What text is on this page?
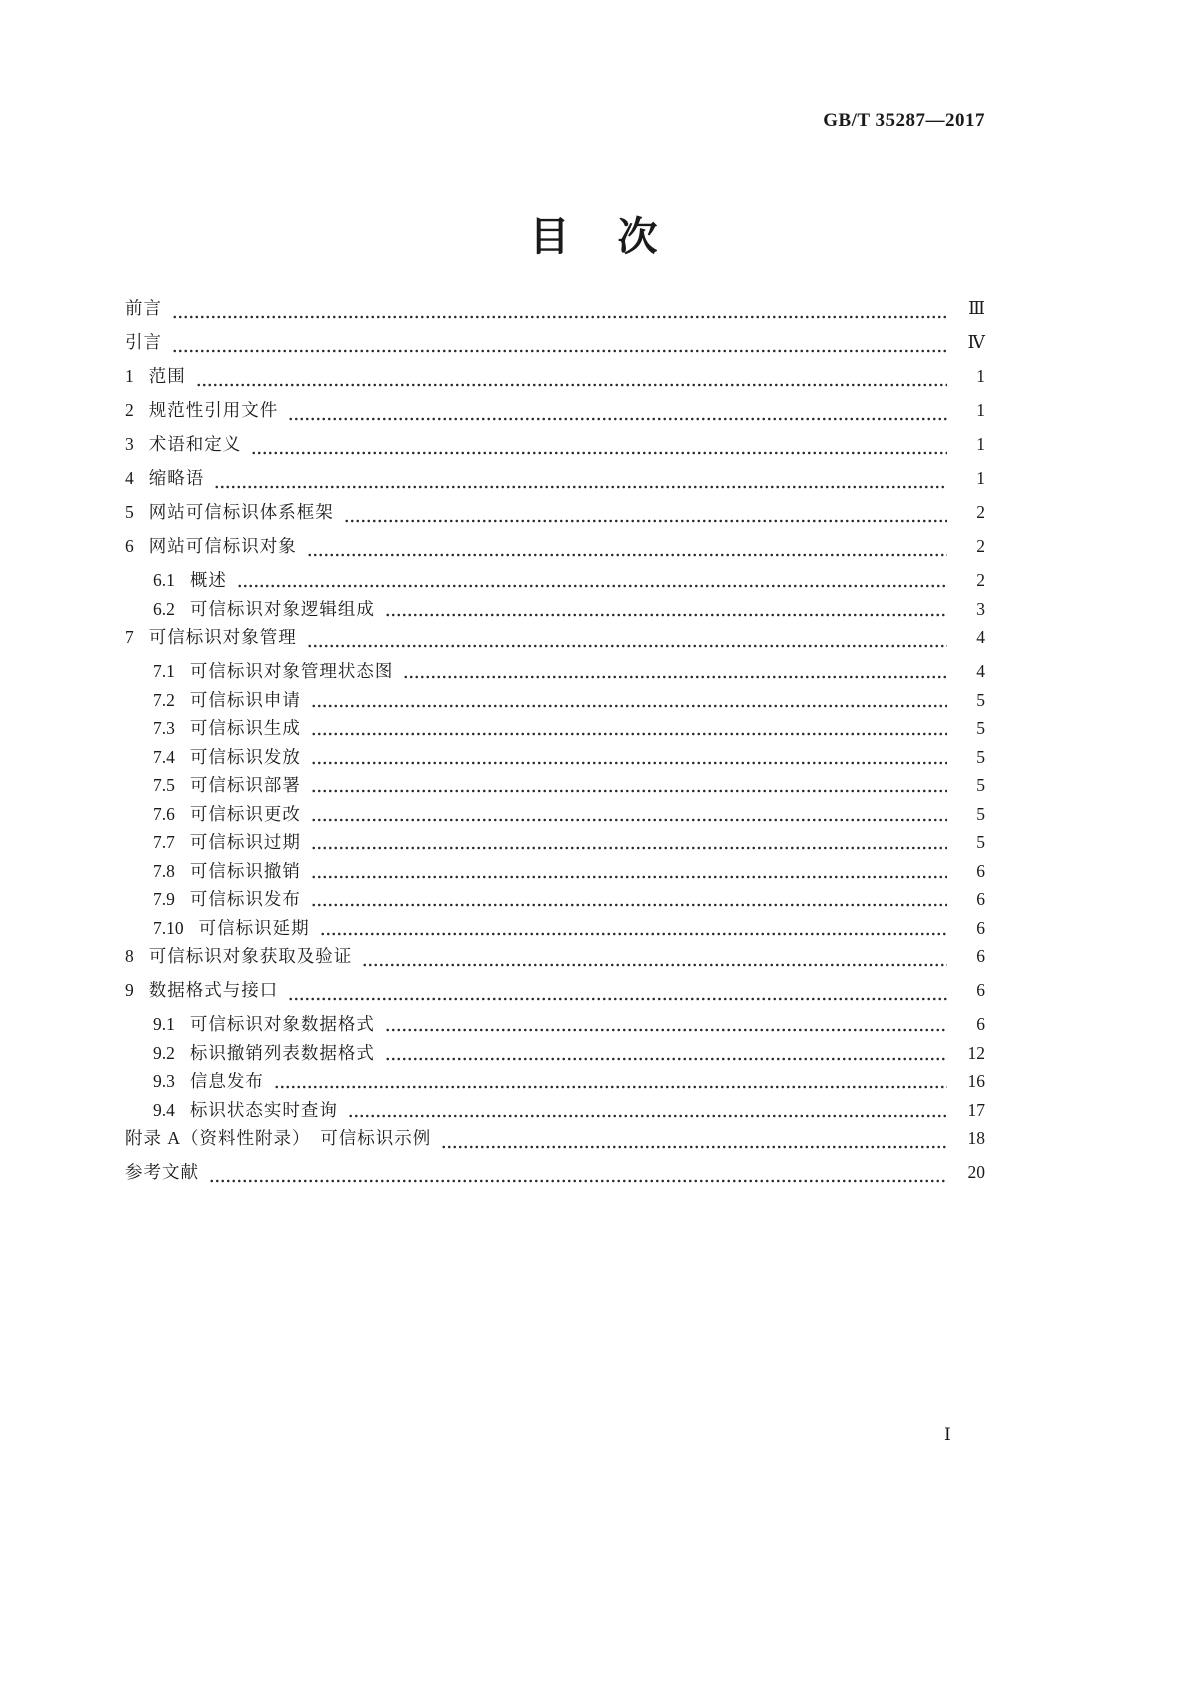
GB/T 35287—2017
目　次
前言	Ⅲ
引言	Ⅳ
1 范围	1
2 规范性引用文件	1
3 术语和定义	1
4 缩略语	1
5 网站可信标识体系框架	2
6 网站可信标识对象	2
6.1 概述	2
6.2 可信标识对象逻辑组成	3
7 可信标识对象管理	4
7.1 可信标识对象管理状态图	4
7.2 可信标识申请	5
7.3 可信标识生成	5
7.4 可信标识发放	5
7.5 可信标识部署	5
7.6 可信标识更改	5
7.7 可信标识过期	5
7.8 可信标识撤销	6
7.9 可信标识发布	6
7.10 可信标识延期	6
8 可信标识对象获取及验证	6
9 数据格式与接口	6
9.1 可信标识对象数据格式	6
9.2 标识撤销列表数据格式	12
9.3 信息发布	16
9.4 标识状态实时查询	17
附录 A（资料性附录）　可信标识示例	18
参考文献	20
Ⅰ
